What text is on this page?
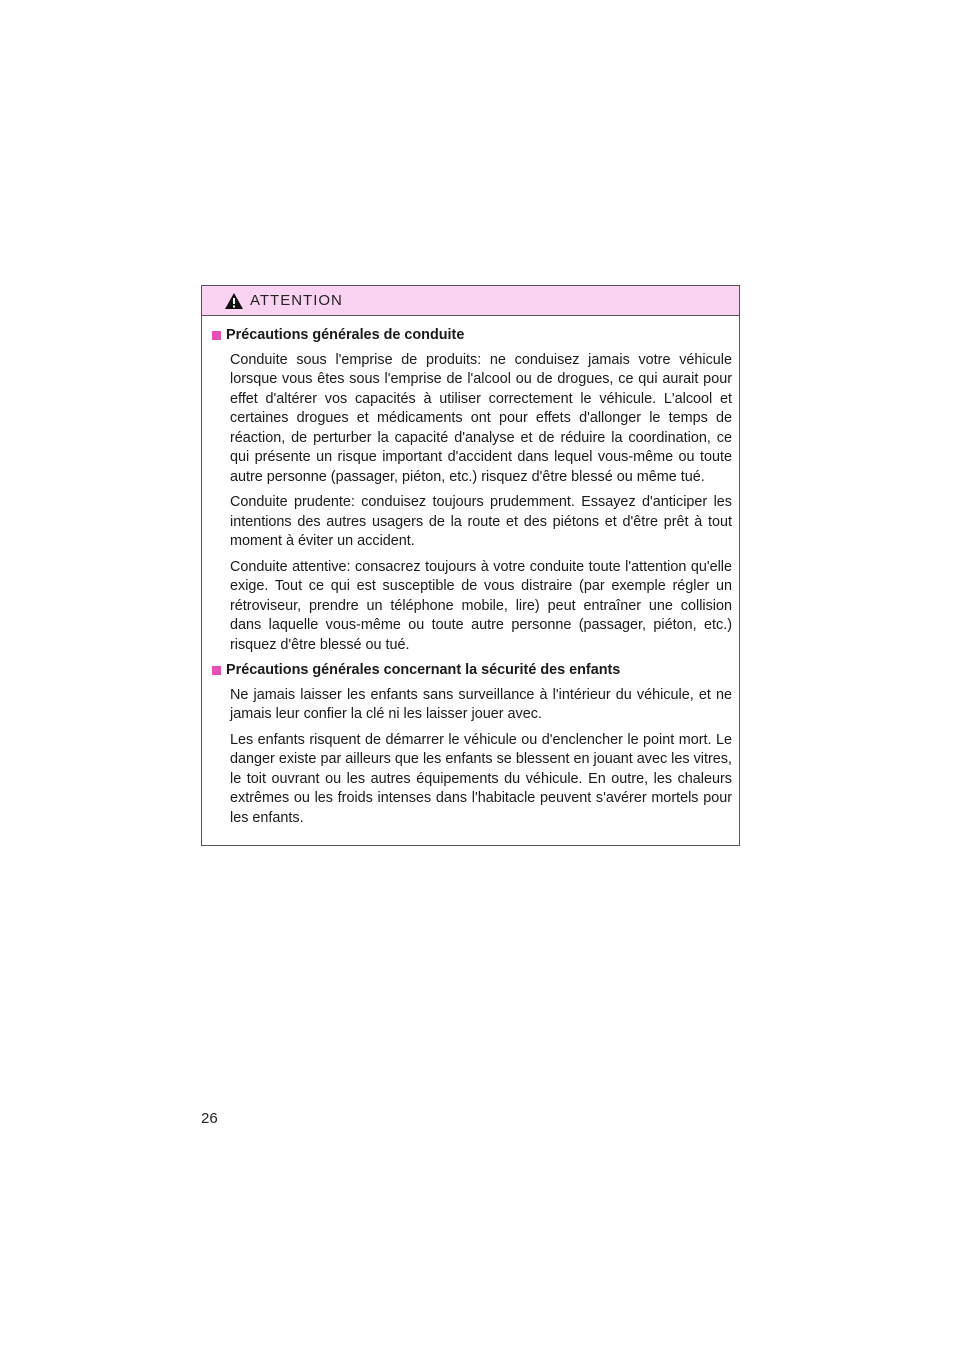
ATTENTION
Précautions générales de conduite

Conduite sous l'emprise de produits: ne conduisez jamais votre véhicule lorsque vous êtes sous l'emprise de l'alcool ou de drogues, ce qui aurait pour effet d'altérer vos capacités à utiliser correctement le véhicule. L'alcool et certaines drogues et médicaments ont pour effets d'allonger le temps de réaction, de perturber la capacité d'analyse et de réduire la coordination, ce qui présente un risque important d'accident dans lequel vous-même ou toute autre personne (passager, piéton, etc.) risquez d'être blessé ou même tué.

Conduite prudente: conduisez toujours prudemment. Essayez d'anticiper les intentions des autres usagers de la route et des piétons et d'être prêt à tout moment à éviter un accident.

Conduite attentive: consacrez toujours à votre conduite toute l'attention qu'elle exige. Tout ce qui est susceptible de vous distraire (par exemple régler un rétroviseur, prendre un téléphone mobile, lire) peut entraîner une collision dans laquelle vous-même ou toute autre personne (passager, piéton, etc.) risquez d'être blessé ou tué.

Précautions générales concernant la sécurité des enfants

Ne jamais laisser les enfants sans surveillance à l'intérieur du véhicule, et ne jamais leur confier la clé ni les laisser jouer avec.

Les enfants risquent de démarrer le véhicule ou d'enclencher le point mort. Le danger existe par ailleurs que les enfants se blessent en jouant avec les vitres, le toit ouvrant ou les autres équipements du véhicule. En outre, les chaleurs extrêmes ou les froids intenses dans l'habitacle peuvent s'avérer mortels pour les enfants.

26
